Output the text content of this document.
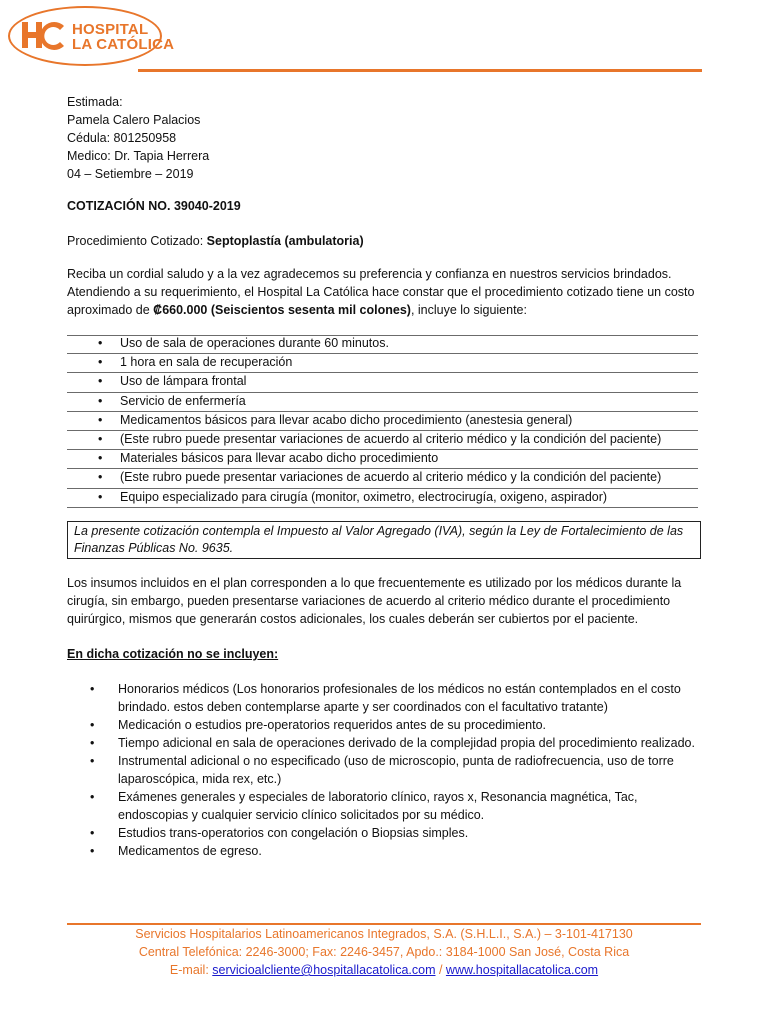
HOSPITAL
LA CATÓLICA
Estimada:
Pamela Calero Palacios
Cédula: 801250958
Medico: Dr. Tapia Herrera
04 – Setiembre – 2019
COTIZACIÓN NO. 39040-2019
Procedimiento Cotizado: Septoplastía (ambulatoria)
Reciba un cordial saludo y a la vez agradecemos su preferencia y confianza en nuestros servicios brindados.
Atendiendo a su requerimiento, el Hospital La Católica hace constar que el procedimiento cotizado tiene un costo
aproximado de ₡660.000 (Seiscientos sesenta mil colones), incluye lo siguiente:
• Uso de sala de operaciones durante 60 minutos.
• 1 hora en sala de recuperación
• Uso de lámpara frontal
• Servicio de enfermería
• Medicamentos básicos para llevar acabo dicho procedimiento (anestesia general)
• (Este rubro puede presentar variaciones de acuerdo al criterio médico y la condición del paciente)
• Materiales básicos para llevar acabo dicho procedimiento
• (Este rubro puede presentar variaciones de acuerdo al criterio médico y la condición del paciente)
• Equipo especializado para cirugía (monitor, oximetro, electrocirugía, oxigeno, aspirador)
La presente cotización contempla el Impuesto al Valor Agregado (IVA), según la Ley de Fortalecimiento de las
Finanzas Públicas No. 9635.
Los insumos incluidos en el plan corresponden a lo que frecuentemente es utilizado por los médicos durante la
cirugía, sin embargo, pueden presentarse variaciones de acuerdo al criterio médico durante el procedimiento
quirúrgico, mismos que generarán costos adicionales, los cuales deberán ser cubiertos por el paciente.
En dicha cotización no se incluyen:
• Honorarios médicos (Los honorarios profesionales de los médicos no están contemplados en el costo
brindado. estos deben contemplarse aparte y ser coordinados con el facultativo tratante)
• Medicación o estudios pre-operatorios requeridos antes de su procedimiento.
• Tiempo adicional en sala de operaciones derivado de la complejidad propia del procedimiento realizado.
• Instrumental adicional o no especificado (uso de microscopio, punta de radiofrecuencia, uso de torre
laparoscópica, mida rex, etc.)
• Exámenes generales y especiales de laboratorio clínico, rayos x, Resonancia magnética, Tac,
endoscopias y cualquier servicio clínico solicitados por su médico.
• Estudios trans-operatorios con congelación o Biopsias simples.
• Medicamentos de egreso.
Servicios Hospitalarios Latinoamericanos Integrados, S.A. (S.H.L.I., S.A.) – 3-101-417130
Central Telefónica: 2246-3000; Fax: 2246-3457, Apdo.: 3184-1000 San José, Costa Rica
E-mail: servicioalcliente@hospitallacatolica.com / www.hospitallacatolica.com
